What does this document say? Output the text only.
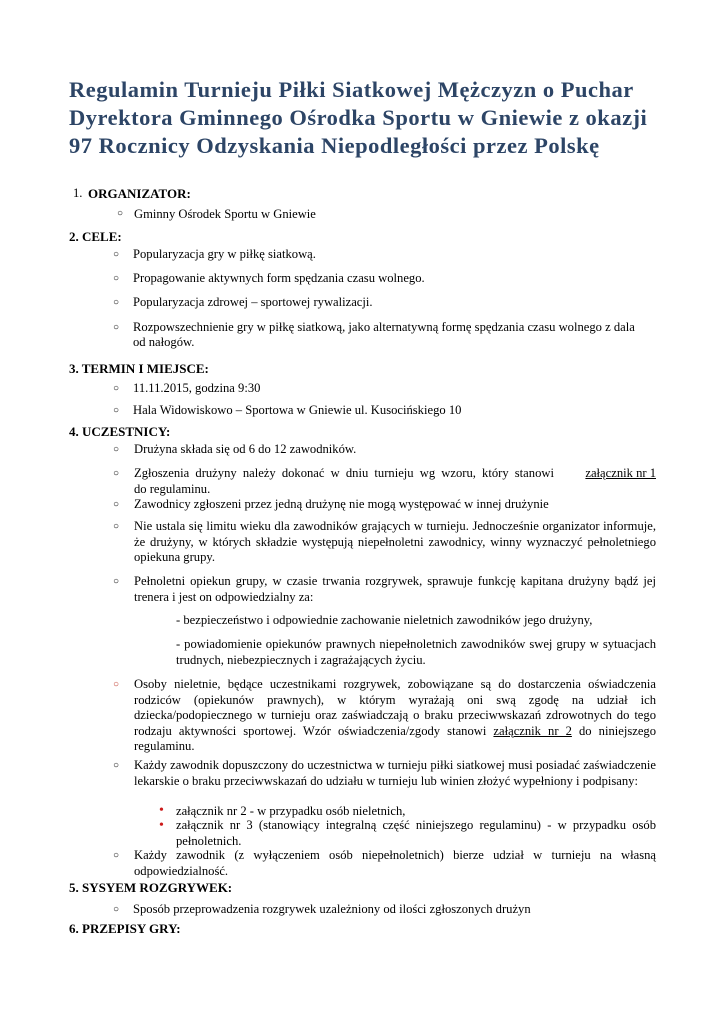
Regulamin Turnieju Piłki Siatkowej Mężczyzn o Puchar
Dyrektora Gminnego Ośrodka Sportu w Gniewie z okazji
97 Rocznicy Odzyskania Niepodległości przez Polskę
1. ORGANIZATOR:
○ Gminny Ośrodek Sportu w Gniewie
2. CELE:
○ Popularyzacja gry w piłkę siatkową.
○ Propagowanie aktywnych form spędzania czasu wolnego.
○ Popularyzacja zdrowej – sportowej rywalizacji.
○ Rozpowszechnienie gry w piłkę siatkową, jako alternatywną formę spędzania czasu wolnego z dala
od nałogów.
3. TERMIN I MIEJSCE:
○ 11.11.2015, godzina 9:30
○ Hala Widowiskowo – Sportowa w Gniewie ul. Kusocińskiego 10
4. UCZESTNICY:
○ Drużyna składa się od 6 do 12 zawodników.
○ Zgłoszenia drużyny należy dokonać w dniu turnieju wg wzoru, który stanowi załącznik nr 1
do regulaminu.
○ Zawodnicy zgłoszeni przez jedną drużynę nie mogą występować w innej drużynie
○ Nie ustala się limitu wieku dla zawodników grających w turnieju. Jednocześnie organizator informuje, że drużyny, w których składzie występują niepełnoletni zawodnicy, winny wyznaczyć pełnoletniego opiekuna grupy.
○ Pełnoletni opiekun grupy, w czasie trwania rozgrywek, sprawuje funkcję kapitana drużyny bądź jej trenera i jest on odpowiedzialny za:
- bezpieczeństwo i odpowiednie zachowanie nieletnich zawodników jego drużyny,
- powiadomienie opiekunów prawnych niepełnoletnich zawodników swej grupy w sytuacjach trudnych, niebezpiecznych i zagrażających życiu.
○ Osoby nieletnie, będące uczestnikami rozgrywek, zobowiązane są do dostarczenia oświadczenia rodziców (opiekunów prawnych), w którym wyrażają oni swą zgodę na udział ich dziecka/podopiecznego w turnieju oraz zaświadczają o braku przeciwwskazań zdrowotnych do tego rodzaju aktywności sportowej. Wzór oświadczenia/zgody stanowi załącznik nr 2 do niniejszego regulaminu.
○ Każdy zawodnik dopuszczony do uczestnictwa w turnieju piłki siatkowej musi posiadać zaświadczenie lekarskie o braku przeciwwskazań do udziału w turnieju lub winien złożyć wypełniony i podpisany:
• załącznik nr 2 - w przypadku osób nieletnich,
• załącznik nr 3 (stanowiący integralną część niniejszego regulaminu) - w przypadku osób pełnoletnich.
○ Każdy zawodnik (z wyłączeniem osób niepełnoletnich) bierze udział w turnieju na własną odpowiedzialność.
5. SYSYEM ROZGRYWEK:
○ Sposób przeprowadzenia rozgrywek uzależniony od ilości zgłoszonych drużyn
6. PRZEPISY GRY:
